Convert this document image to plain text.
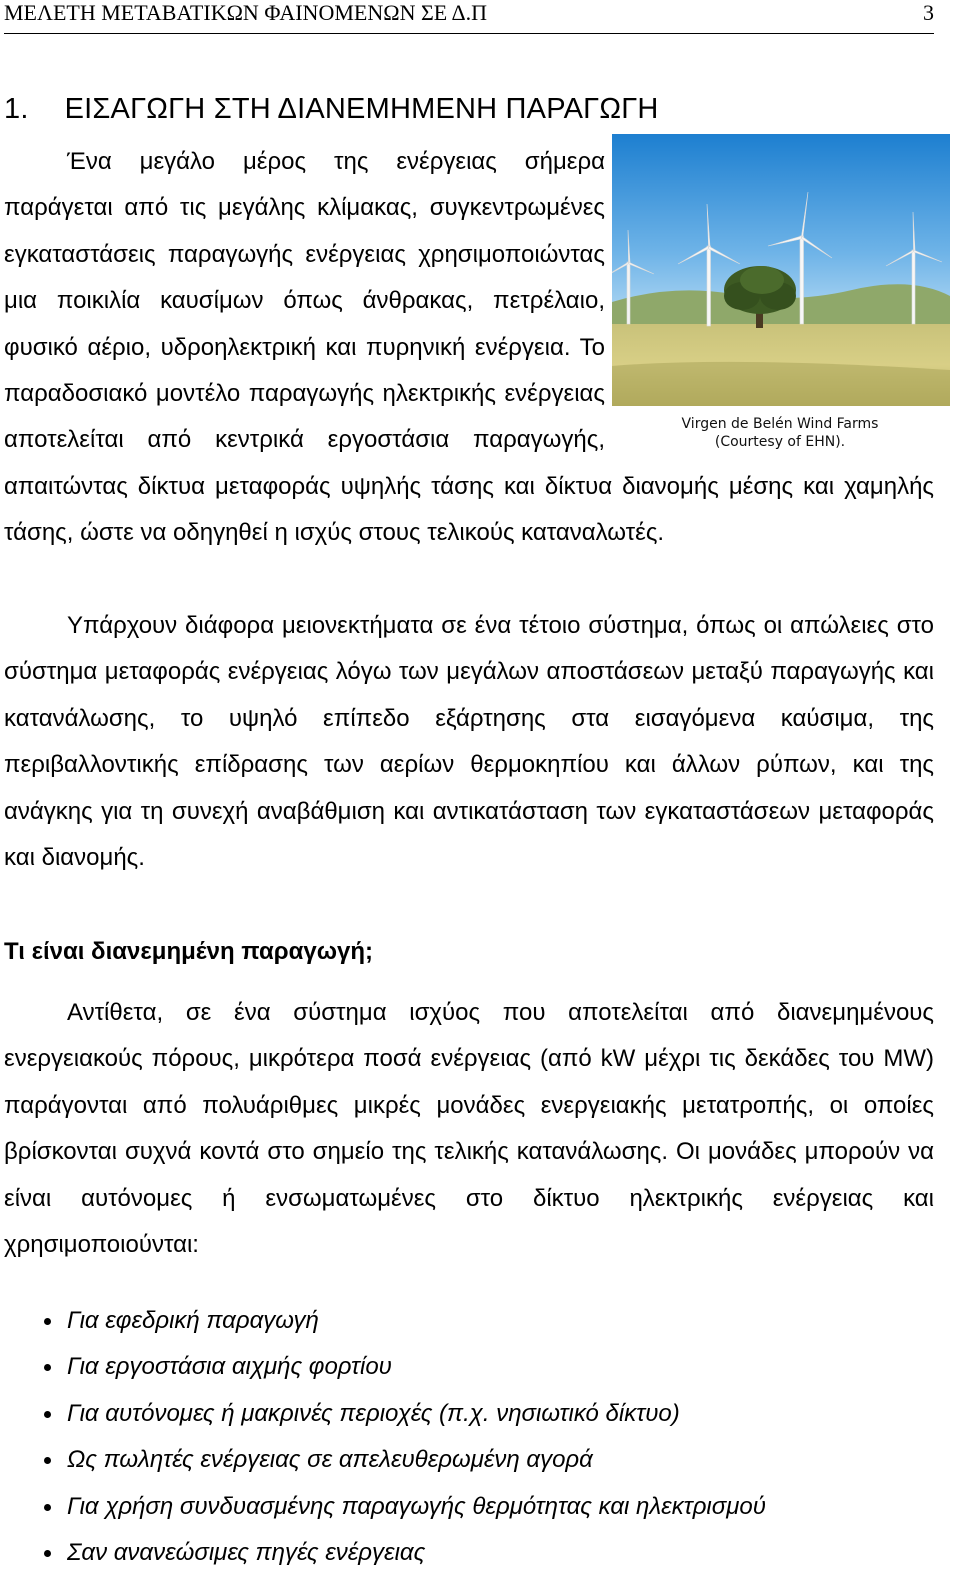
ΜΕΛΕΤΗ ΜΕΤΑΒΑΤΙΚΩΝ ΦΑΙΝΟΜΕΝΩΝ ΣΕ Δ.Π	3
1. ΕΙΣΑΓΩΓΗ ΣΤΗ ΔΙΑΝΕΜΗΜΕΝΗ ΠΑΡΑΓΩΓΗ
Virgen de Belén Wind Farms
(Courtesy of EHN).

Ένα μεγάλο μέρος της ενέργειας σήμερα παράγεται από τις μεγάλης κλίμακας, συγκεντρωμένες εγκαταστάσεις παραγωγής ενέργειας χρησιμοποιώντας μια ποικιλία καυσίμων όπως άνθρακας, πετρέλαιο, φυσικό αέριο, υδροηλεκτρική και πυρηνική ενέργεια. Το παραδοσιακό μοντέλο παραγωγής ηλεκτρικής ενέργειας αποτελείται από κεντρικά εργοστάσια παραγωγής, απαιτώντας δίκτυα μεταφοράς υψηλής τάσης και δίκτυα διανομής μέσης και χαμηλής τάσης, ώστε να οδηγηθεί η ισχύς στους τελικούς καταναλωτές.

Υπάρχουν διάφορα μειονεκτήματα σε ένα τέτοιο σύστημα, όπως οι απώλειες στο σύστημα μεταφοράς ενέργειας λόγω των μεγάλων αποστάσεων μεταξύ παραγωγής και κατανάλωσης, το υψηλό επίπεδο εξάρτησης στα εισαγόμενα καύσιμα, της περιβαλλοντικής επίδρασης των αερίων θερμοκηπίου και άλλων ρύπων, και της ανάγκης για τη συνεχή αναβάθμιση και αντικατάσταση των εγκαταστάσεων μεταφοράς και διανομής.

Τι είναι διανεμημένη παραγωγή;

Αντίθετα, σε ένα σύστημα ισχύος που αποτελείται από διανεμημένους ενεργειακούς πόρους, μικρότερα ποσά ενέργειας (από kW μέχρι τις δεκάδες του MW) παράγονται από πολυάριθμες μικρές μονάδες ενεργειακής μετατροπής, οι οποίες βρίσκονται συχνά κοντά στο σημείο της τελικής κατανάλωσης. Οι μονάδες μπορούν να είναι αυτόνομες ή ενσωματωμένες στο δίκτυο ηλεκτρικής ενέργειας και χρησιμοποιούνται:

Για εφεδρική παραγωγή
Για εργοστάσια αιχμής φορτίου
Για αυτόνομες ή μακρινές περιοχές (π.χ. νησιωτικό δίκτυο)
Ως πωλητές ενέργειας σε απελευθερωμένη αγορά
Για χρήση συνδυασμένης παραγωγής θερμότητας και ηλεκτρισμού
Σαν ανανεώσιμες πηγές ενέργειας
